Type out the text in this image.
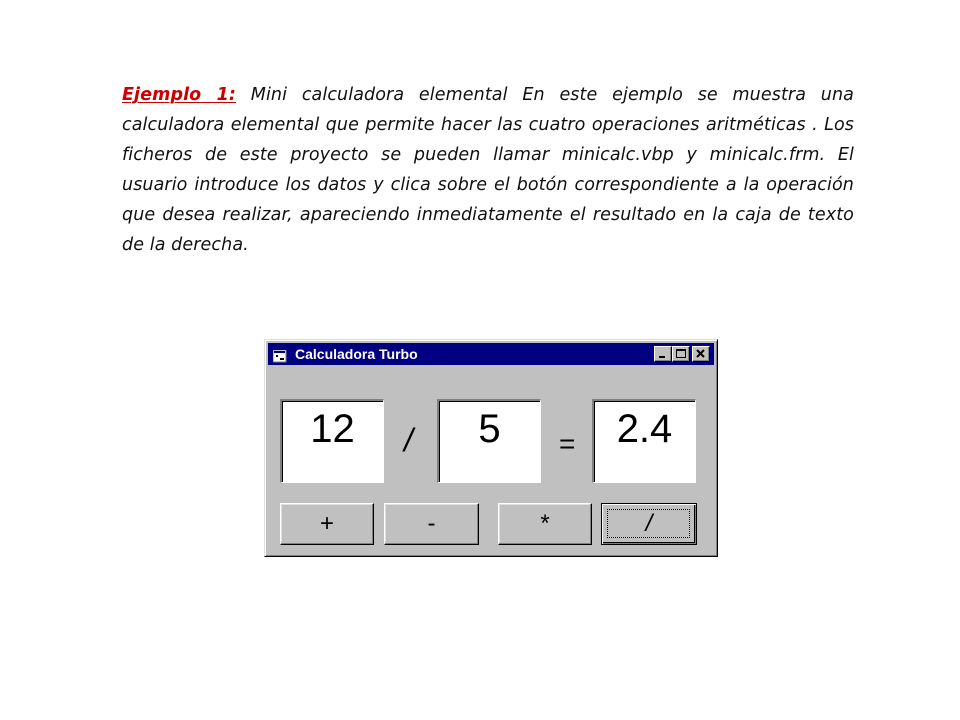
Ejemplo 1: Mini calculadora elemental En este ejemplo se muestra una calculadora elemental que permite hacer las cuatro operaciones aritméticas . Los ficheros de este proyecto se pueden llamar minicalc.vbp y minicalc.frm. El usuario introduce los datos y clica sobre el botón correspondiente a la operación que desea realizar, apareciendo inmediatamente el resultado en la caja de texto de la derecha.
Calculadora Turbo
12	/	5	=	2.4
+	-	*	/
